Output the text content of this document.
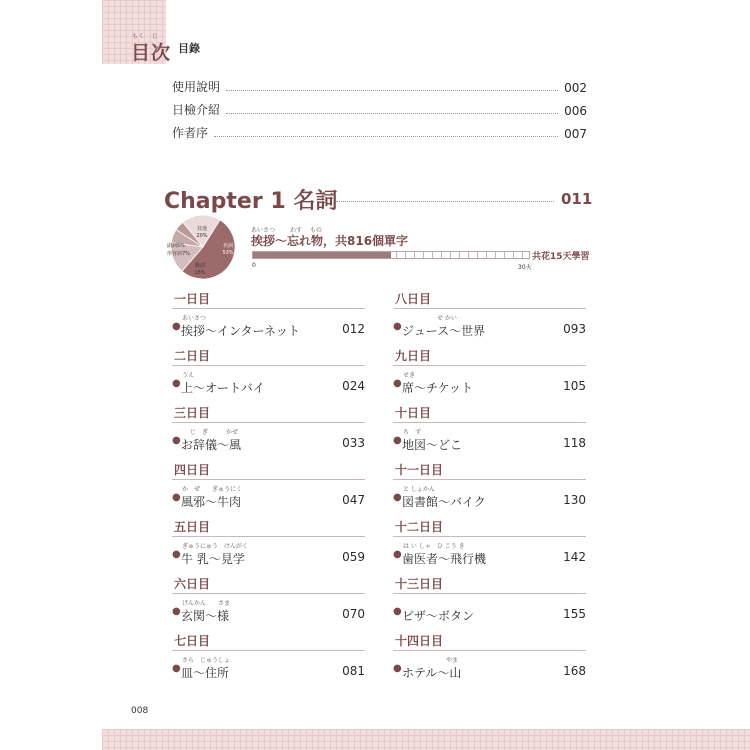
もく じ
目次 目錄
使用說明	002
日檢介紹	006
作者序	007
Chapter 1 名詞	011
其他
20%
名詞
53%
動詞
16%
副詞5%
形容詞7%
あいさつ わす もの
挨拶～忘れ物，共816個單字
共花15天學習
0	30天
一日目
●
あいさつ
挨拶～インターネット	012
二日目
●
うえ
上～オートバイ	024
三日目
●
じ　ぎ　　　かぜ
お辞儀～風	033
四日目
●
か　ぜ　　ぎゅうにく
風邪～牛肉	047
五日目
●
ぎゅうにゅう　けんがく
牛 乳～見学	059
六日目
●
げんかん　　さま
玄関～様	070
七日目
●
さら　じゅうしょ
皿～住所	081
八日目
●
せ かい
ジュース～世界	093
九日目
●
せき
席～チケット	105
十日目
●
ち　ず
地図～どこ	118
十一日目
●
と しょかん
図書館～バイク	130
十二日目
●
は い しゃ　ひ こう き
歯医者～飛行機	142
十三日目
● ピザ～ボタン	155
十四日目
●
やま
ホテル～山	168
008
